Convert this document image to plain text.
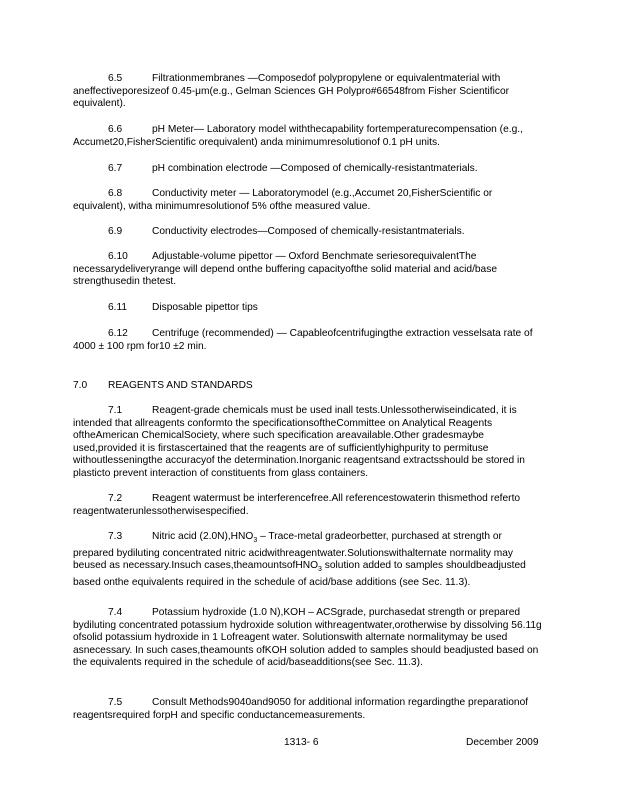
6.5	Filtrationmembranes —Composedof polypropylene or equivalentmaterial with aneffectiveporesizeof 0.45-μm(e.g., Gelman Sciences GH Polypro#66548from Fisher Scientificor equivalent).
6.6	pH Meter— Laboratory model withthecapability fortemperaturecompensation (e.g., Accumet20,FisherScientific orequivalent) anda minimumresolutionof 0.1 pH units.
6.7	pH combination electrode —Composed of chemically-resistantmaterials.
6.8	Conductivity meter — Laboratorymodel (e.g.,Accumet 20,FisherScientific or equivalent), witha minimumresolutionof 5% ofthe measured value.
6.9	Conductivity electrodes—Composed of chemically-resistantmaterials.
6.10 Adjustable-volume pipettor — Oxford Benchmate seriesorequivalentThe necessarydeliveryrange will depend onthe buffering capacityofthe solid material and acid/base strengthusedin thetest.
6.11 Disposable pipettor tips
6.12 Centrifuge (recommended) — Capableofcentrifugingthe extraction vesselsata rate of 4000 ± 100 rpm for10 ±2 min.
7.0 REAGENTS AND STANDARDS
7.1	Reagent-grade chemicals must be used inall tests.Unlessotherwiseindicated, it is intended that allreagents conformto the specificationsoftheCommittee on Analytical Reagents oftheAmerican ChemicalSociety, where such specification areavailable.Other gradesmaybe used,provided it is firstascertained that the reagents are of sufficientlyhighpurity to permituse withoutlesseningthe accuracyof the determination.Inorganic reagentsand extractsshould be stored in plasticto prevent interaction of constituents from glass containers.
7.2	Reagent watermust be interferencefree.All referencestowaterin thismethod referto reagentwaterunlessotherwisespecified.
7.3	Nitric acid $(2.0N),HNO_3$ – Trace-metal gradeorbetter, purchased at strength or prepared bydiluting concentrated nitric acidwithreagentwater.Solutionswithalternate normality may beused as necessary.Insuch cases,theamountsofHNO$_3$ solution added to samples shouldbeadjusted based onthe equivalents required in the schedule of acid/base additions (see Sec. 11.3).
7.4	Potassium hydroxide (1.0 N),KOH – ACSgrade, purchasedat strength or prepared bydiluting concentrated potassium hydroxide solution withreagentwater,orotherwise by dissolving 56.11g ofsolid potassium hydroxide in 1 Lofreagent water. Solutionswith alternate normalitymay be used asnecessary. In such cases,theamounts ofKOH solution added to samples should beadjusted based on the equivalents required in the schedule of acid/baseadditions(see Sec. 11.3).
7.5	Consult Methods9040and9050 for additional information regardingthe preparationof reagentsrequired forpH and specific conductancemeasurements.
1313- 6	December 2009
